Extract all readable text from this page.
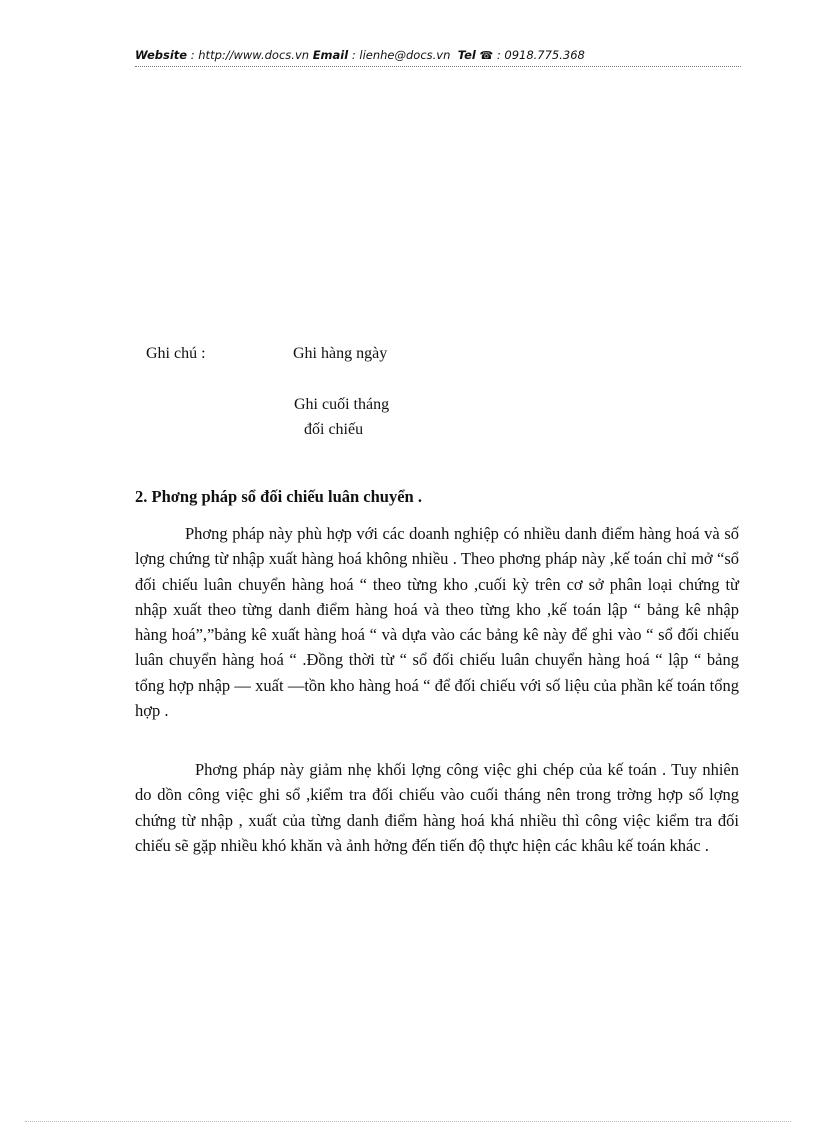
Website : http://www.docs.vn Email : lienhe@docs.vn Tel ☎ : 0918.775.368
Ghi chú :	Ghi hàng ngày
Ghi cuối tháng
đối chiếu
2. Phơng pháp sổ đối chiếu luân chuyển .
Phơng pháp này phù hợp với các doanh nghiệp có nhiều danh điểm hàng hoá và số lợng chứng từ nhập xuất hàng hoá không nhiều . Theo phơng pháp này ,kế toán chỉ mở “sổ đối chiếu luân chuyển hàng hoá “ theo từng kho ,cuối kỳ trên cơ sở phân loại chứng từ nhập xuất theo từng danh điểm hàng hoá và theo từng kho ,kế toán lập “ bảng kê nhập hàng hoá”,”bảng kê xuất hàng hoá “ và dựa vào các bảng kê này để ghi vào “ sổ đối chiếu luân chuyển hàng hoá “ .Đồng thời từ “ sổ đối chiếu luân chuyển hàng hoá “ lập “ bảng tổng hợp nhập — xuất —tồn kho hàng hoá “ để đối chiếu với số liệu của phần kế toán tổng hợp .
Phơng pháp này giảm nhẹ khối lợng công việc ghi chép của kế toán . Tuy nhiên do dồn công việc ghi sổ ,kiểm tra đối chiếu vào cuối tháng nên trong trờng hợp số lợng chứng từ nhập , xuất của từng danh điểm hàng hoá khá nhiều thì công việc kiểm tra đối chiếu sẽ gặp nhiều khó khăn và ảnh hởng đến tiến độ thực hiện các khâu kế toán khác .
